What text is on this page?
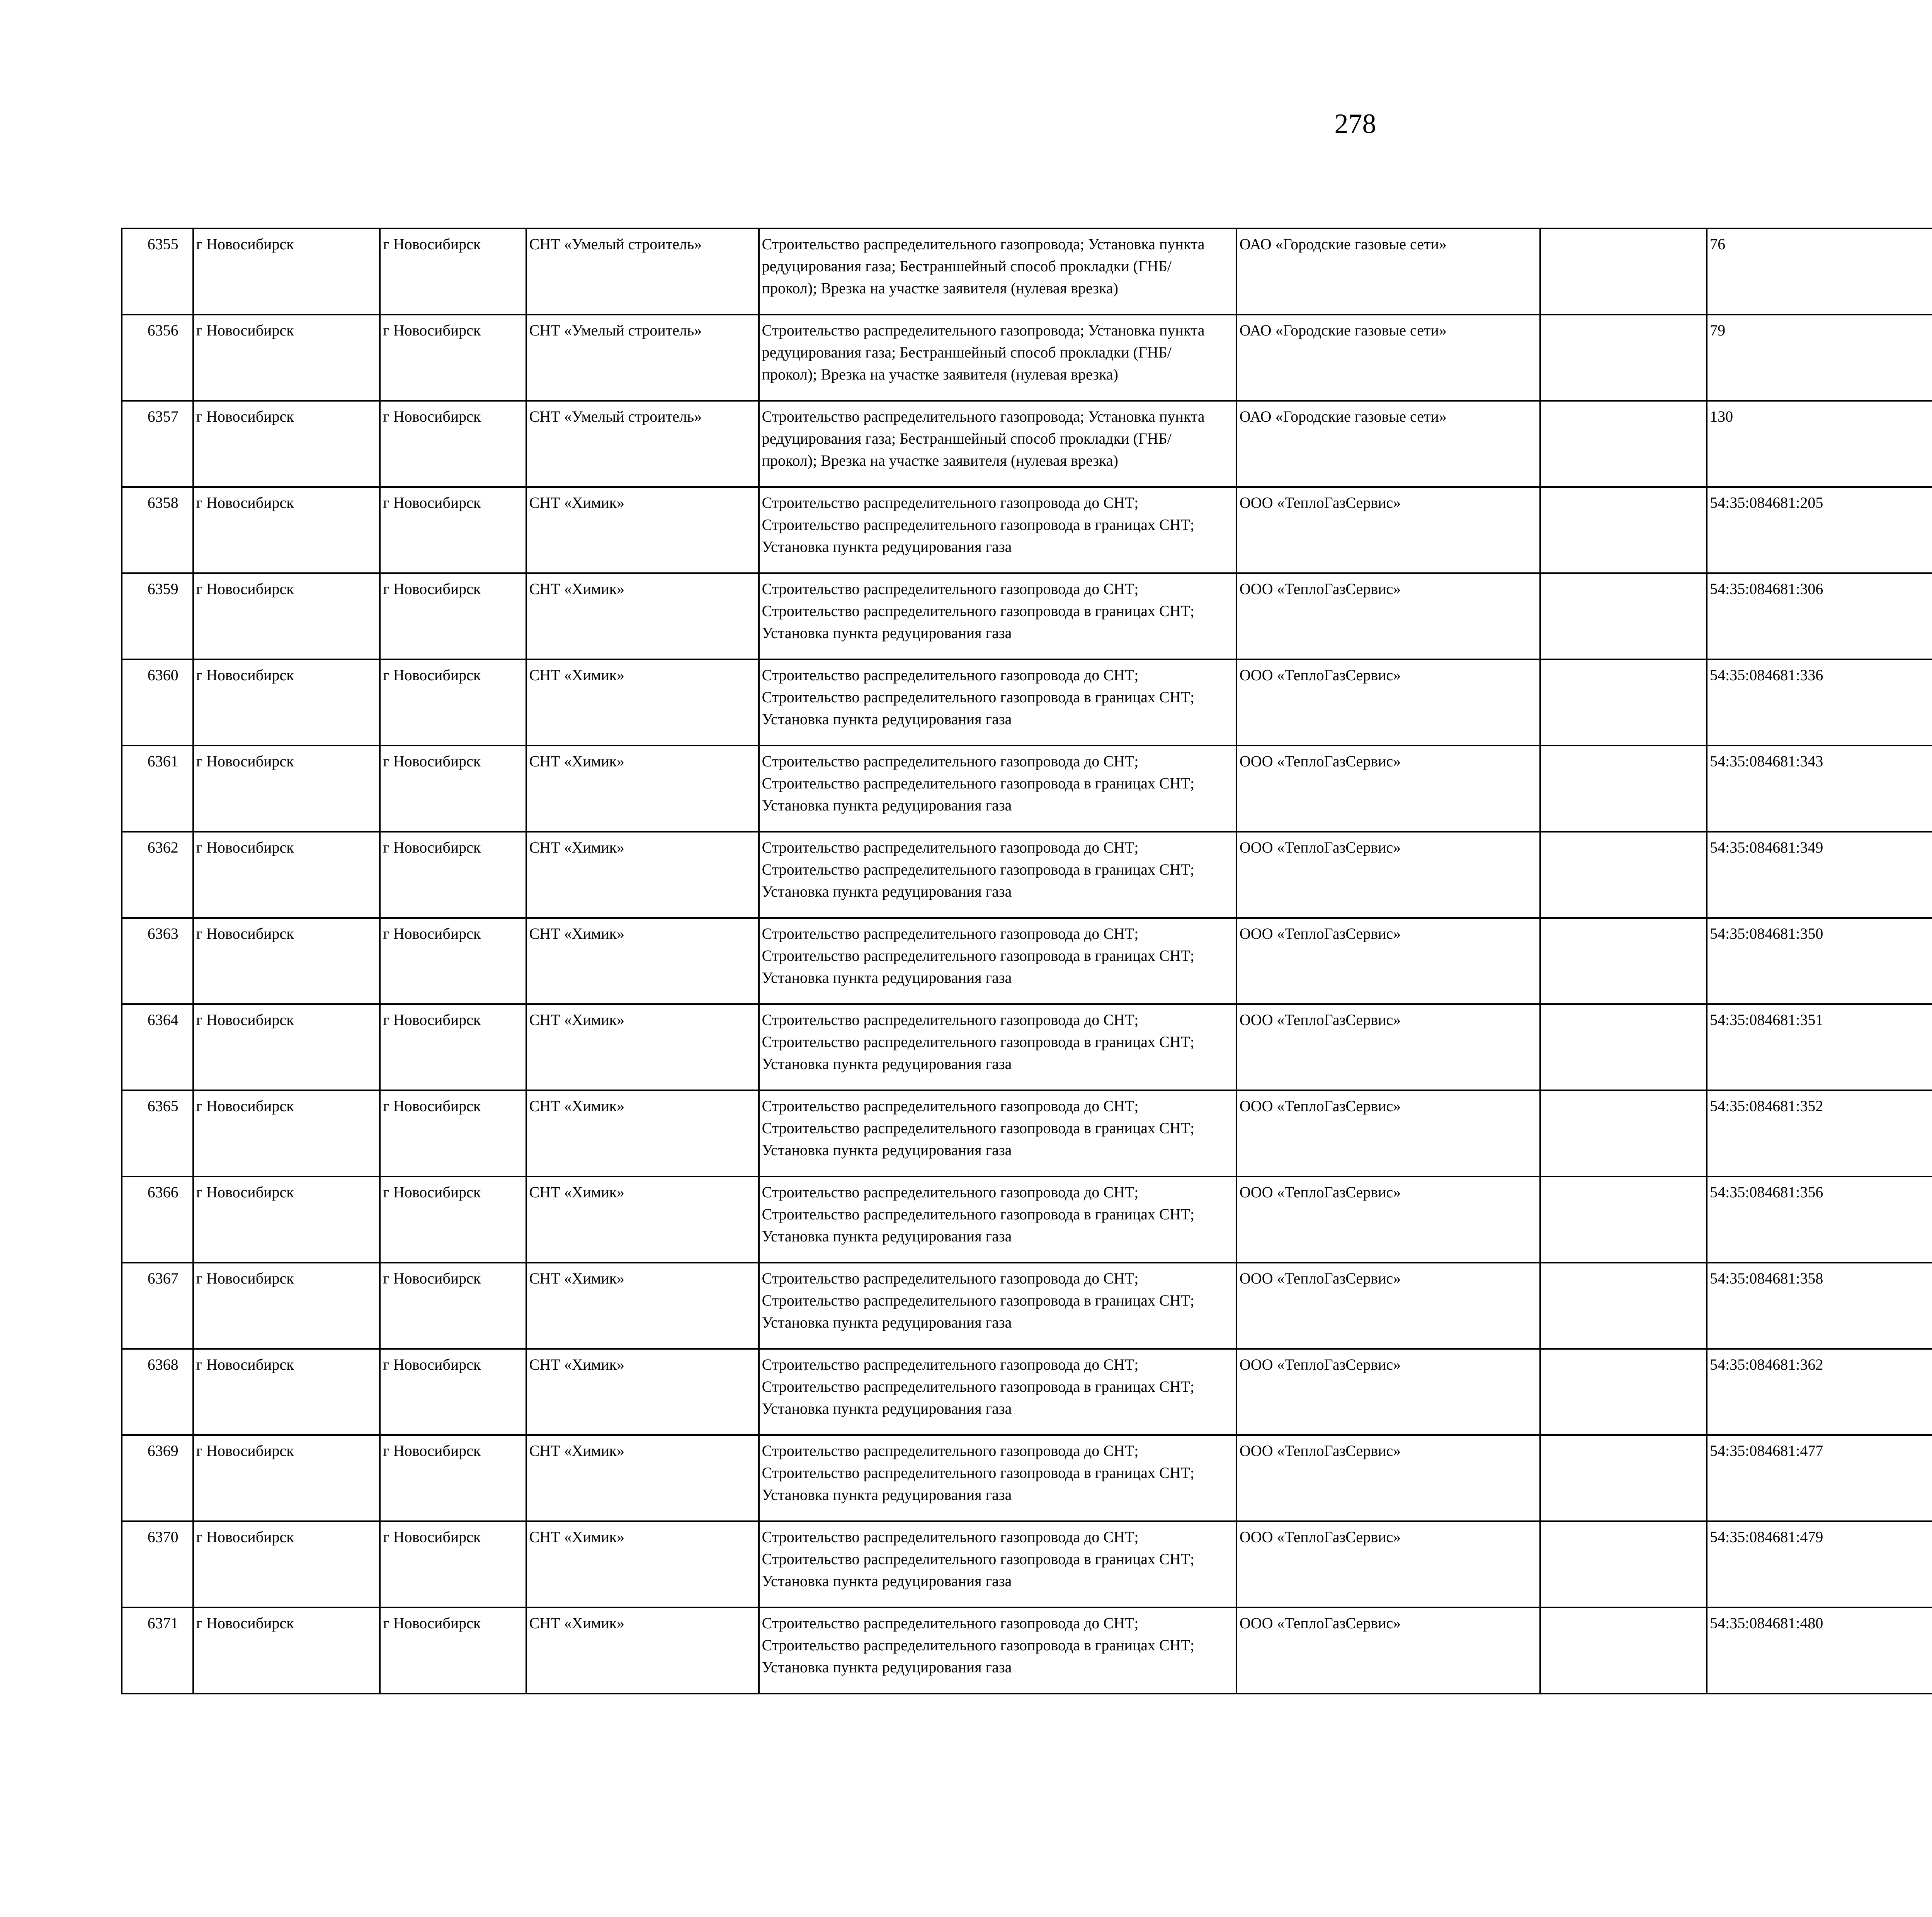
278
6355	г Новосибирск	г Новосибирск	СНТ «Умелый строитель»	Строительство распределительного газопровода; Установка пункта редуцирования газа; Бестраншейный способ прокладки (ГНБ/прокол); Врезка на участке заявителя (нулевая врезка)	ОАО «Городские газовые сети»		76					
6356	г Новосибирск	г Новосибирск	СНТ «Умелый строитель»	Строительство распределительного газопровода; Установка пункта редуцирования газа; Бестраншейный способ прокладки (ГНБ/прокол); Врезка на участке заявителя (нулевая врезка)	ОАО «Городские газовые сети»		79					
6357	г Новосибирск	г Новосибирск	СНТ «Умелый строитель»	Строительство распределительного газопровода; Установка пункта редуцирования газа; Бестраншейный способ прокладки (ГНБ/прокол); Врезка на участке заявителя (нулевая врезка)	ОАО «Городские газовые сети»		130					
6358	г Новосибирск	г Новосибирск	СНТ «Химик»	Строительство распределительного газопровода до СНТ; Строительство распределительного газопровода в границах СНТ; Установка пункта редуцирования газа	ООО «ТеплоГазСервис»		54:35:084681:205					
6359	г Новосибирск	г Новосибирск	СНТ «Химик»	Строительство распределительного газопровода до СНТ; Строительство распределительного газопровода в границах СНТ; Установка пункта редуцирования газа	ООО «ТеплоГазСервис»		54:35:084681:306					
6360	г Новосибирск	г Новосибирск	СНТ «Химик»	Строительство распределительного газопровода до СНТ; Строительство распределительного газопровода в границах СНТ; Установка пункта редуцирования газа	ООО «ТеплоГазСервис»		54:35:084681:336					
6361	г Новосибирск	г Новосибирск	СНТ «Химик»	Строительство распределительного газопровода до СНТ; Строительство распределительного газопровода в границах СНТ; Установка пункта редуцирования газа	ООО «ТеплоГазСервис»		54:35:084681:343					
6362	г Новосибирск	г Новосибирск	СНТ «Химик»	Строительство распределительного газопровода до СНТ; Строительство распределительного газопровода в границах СНТ; Установка пункта редуцирования газа	ООО «ТеплоГазСервис»		54:35:084681:349					
6363	г Новосибирск	г Новосибирск	СНТ «Химик»	Строительство распределительного газопровода до СНТ; Строительство распределительного газопровода в границах СНТ; Установка пункта редуцирования газа	ООО «ТеплоГазСервис»		54:35:084681:350					
6364	г Новосибирск	г Новосибирск	СНТ «Химик»	Строительство распределительного газопровода до СНТ; Строительство распределительного газопровода в границах СНТ; Установка пункта редуцирования газа	ООО «ТеплоГазСервис»		54:35:084681:351					
6365	г Новосибирск	г Новосибирск	СНТ «Химик»	Строительство распределительного газопровода до СНТ; Строительство распределительного газопровода в границах СНТ; Установка пункта редуцирования газа	ООО «ТеплоГазСервис»		54:35:084681:352					
6366	г Новосибирск	г Новосибирск	СНТ «Химик»	Строительство распределительного газопровода до СНТ; Строительство распределительного газопровода в границах СНТ; Установка пункта редуцирования газа	ООО «ТеплоГазСервис»		54:35:084681:356					
6367	г Новосибирск	г Новосибирск	СНТ «Химик»	Строительство распределительного газопровода до СНТ; Строительство распределительного газопровода в границах СНТ; Установка пункта редуцирования газа	ООО «ТеплоГазСервис»		54:35:084681:358					
6368	г Новосибирск	г Новосибирск	СНТ «Химик»	Строительство распределительного газопровода до СНТ; Строительство распределительного газопровода в границах СНТ; Установка пункта редуцирования газа	ООО «ТеплоГазСервис»		54:35:084681:362					
6369	г Новосибирск	г Новосибирск	СНТ «Химик»	Строительство распределительного газопровода до СНТ; Строительство распределительного газопровода в границах СНТ; Установка пункта редуцирования газа	ООО «ТеплоГазСервис»		54:35:084681:477					
6370	г Новосибирск	г Новосибирск	СНТ «Химик»	Строительство распределительного газопровода до СНТ; Строительство распределительного газопровода в границах СНТ; Установка пункта редуцирования газа	ООО «ТеплоГазСервис»		54:35:084681:479					
6371	г Новосибирск	г Новосибирск	СНТ «Химик»	Строительство распределительного газопровода до СНТ; Строительство распределительного газопровода в границах СНТ; Установка пункта редуцирования газа	ООО «ТеплоГазСервис»		54:35:084681:480					
